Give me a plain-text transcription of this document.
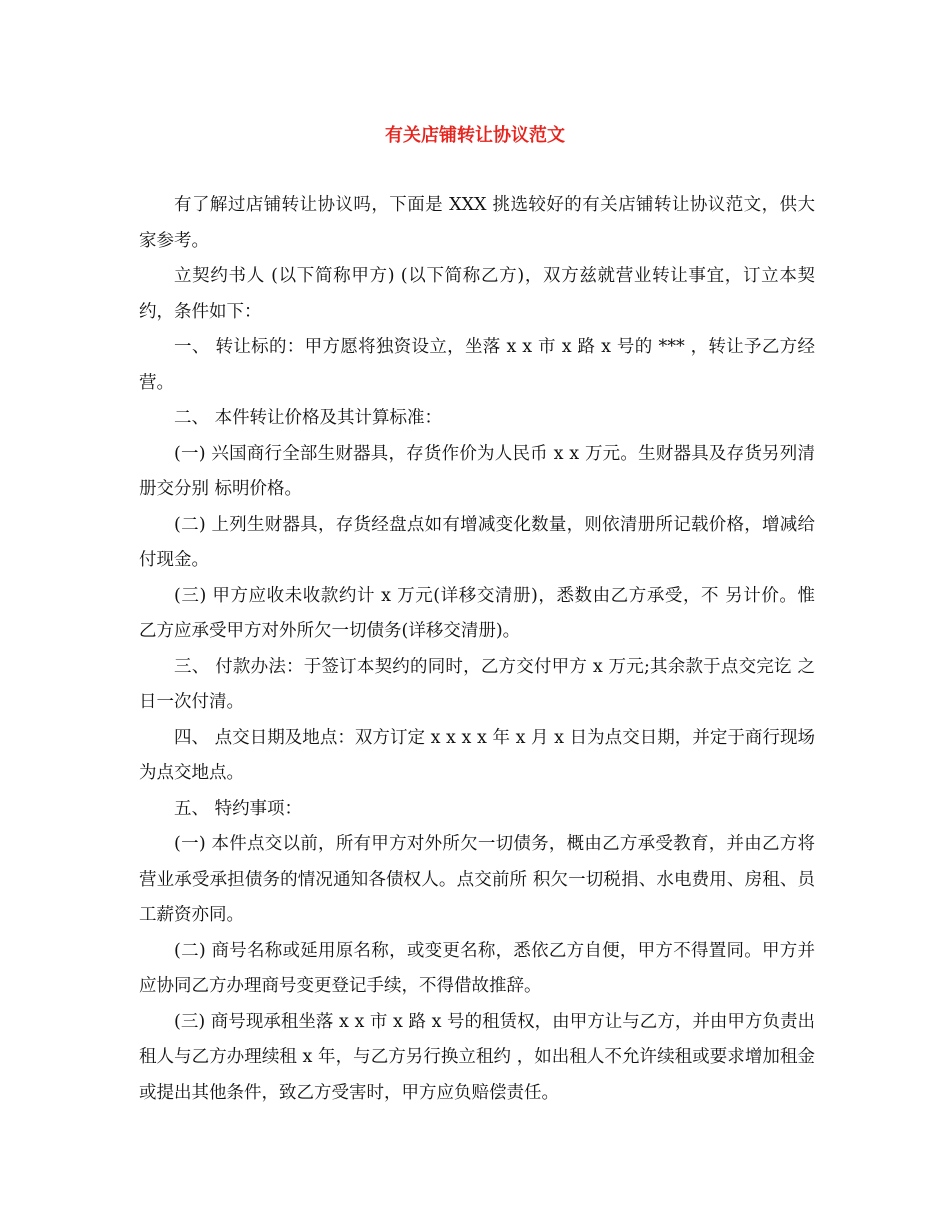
有关店铺转让协议范文

有了解过店铺转让协议吗，下面是 XXX 挑选较好的有关店铺转让协议范文，供大家参考。

立契约书人 (以下简称甲方) (以下简称乙方)，双方兹就营业转让事宜，订立本契约，条件如下：

一、 转让标的：甲方愿将独资设立，坐落 x x 市 x 路 x 号的 *** ，转让予乙方经营。

二、 本件转让价格及其计算标准：

(一) 兴国商行全部生财器具，存货作价为人民币 x x 万元。生财器具及存货另列清册交分别 标明价格。

(二) 上列生财器具，存货经盘点如有增减变化数量，则依清册所记载价格，增减给付现金。

(三) 甲方应收未收款约计 x 万元(详移交清册)，悉数由乙方承受，不 另计价。惟 乙方应承受甲方对外所欠一切债务(详移交清册)。

三、 付款办法：于签订本契约的同时，乙方交付甲方 x 万元;其余款于点交完讫 之日一次付清。

四、 点交日期及地点：双方订定 x x x x 年 x 月 x 日为点交日期，并定于商行现场为点交地点。

五、 特约事项：

(一) 本件点交以前，所有甲方对外所欠一切债务，概由乙方承受教育，并由乙方将营业承受承担债务的情况通知各债权人。点交前所 积欠一切税捐、水电费用、房租、员工薪资亦同。

(二) 商号名称或延用原名称，或变更名称，悉依乙方自便，甲方不得置同。甲方并应协同乙方办理商号变更登记手续，不得借故推辞。

(三) 商号现承租坐落 x x 市 x 路 x 号的租赁权，由甲方让与乙方，并由甲方负责出租人与乙方办理续租 x 年，与乙方另行换立租约 ，如出租人不允许续租或要求增加租金或提出其他条件，致乙方受害时，甲方应负赔偿责任。
